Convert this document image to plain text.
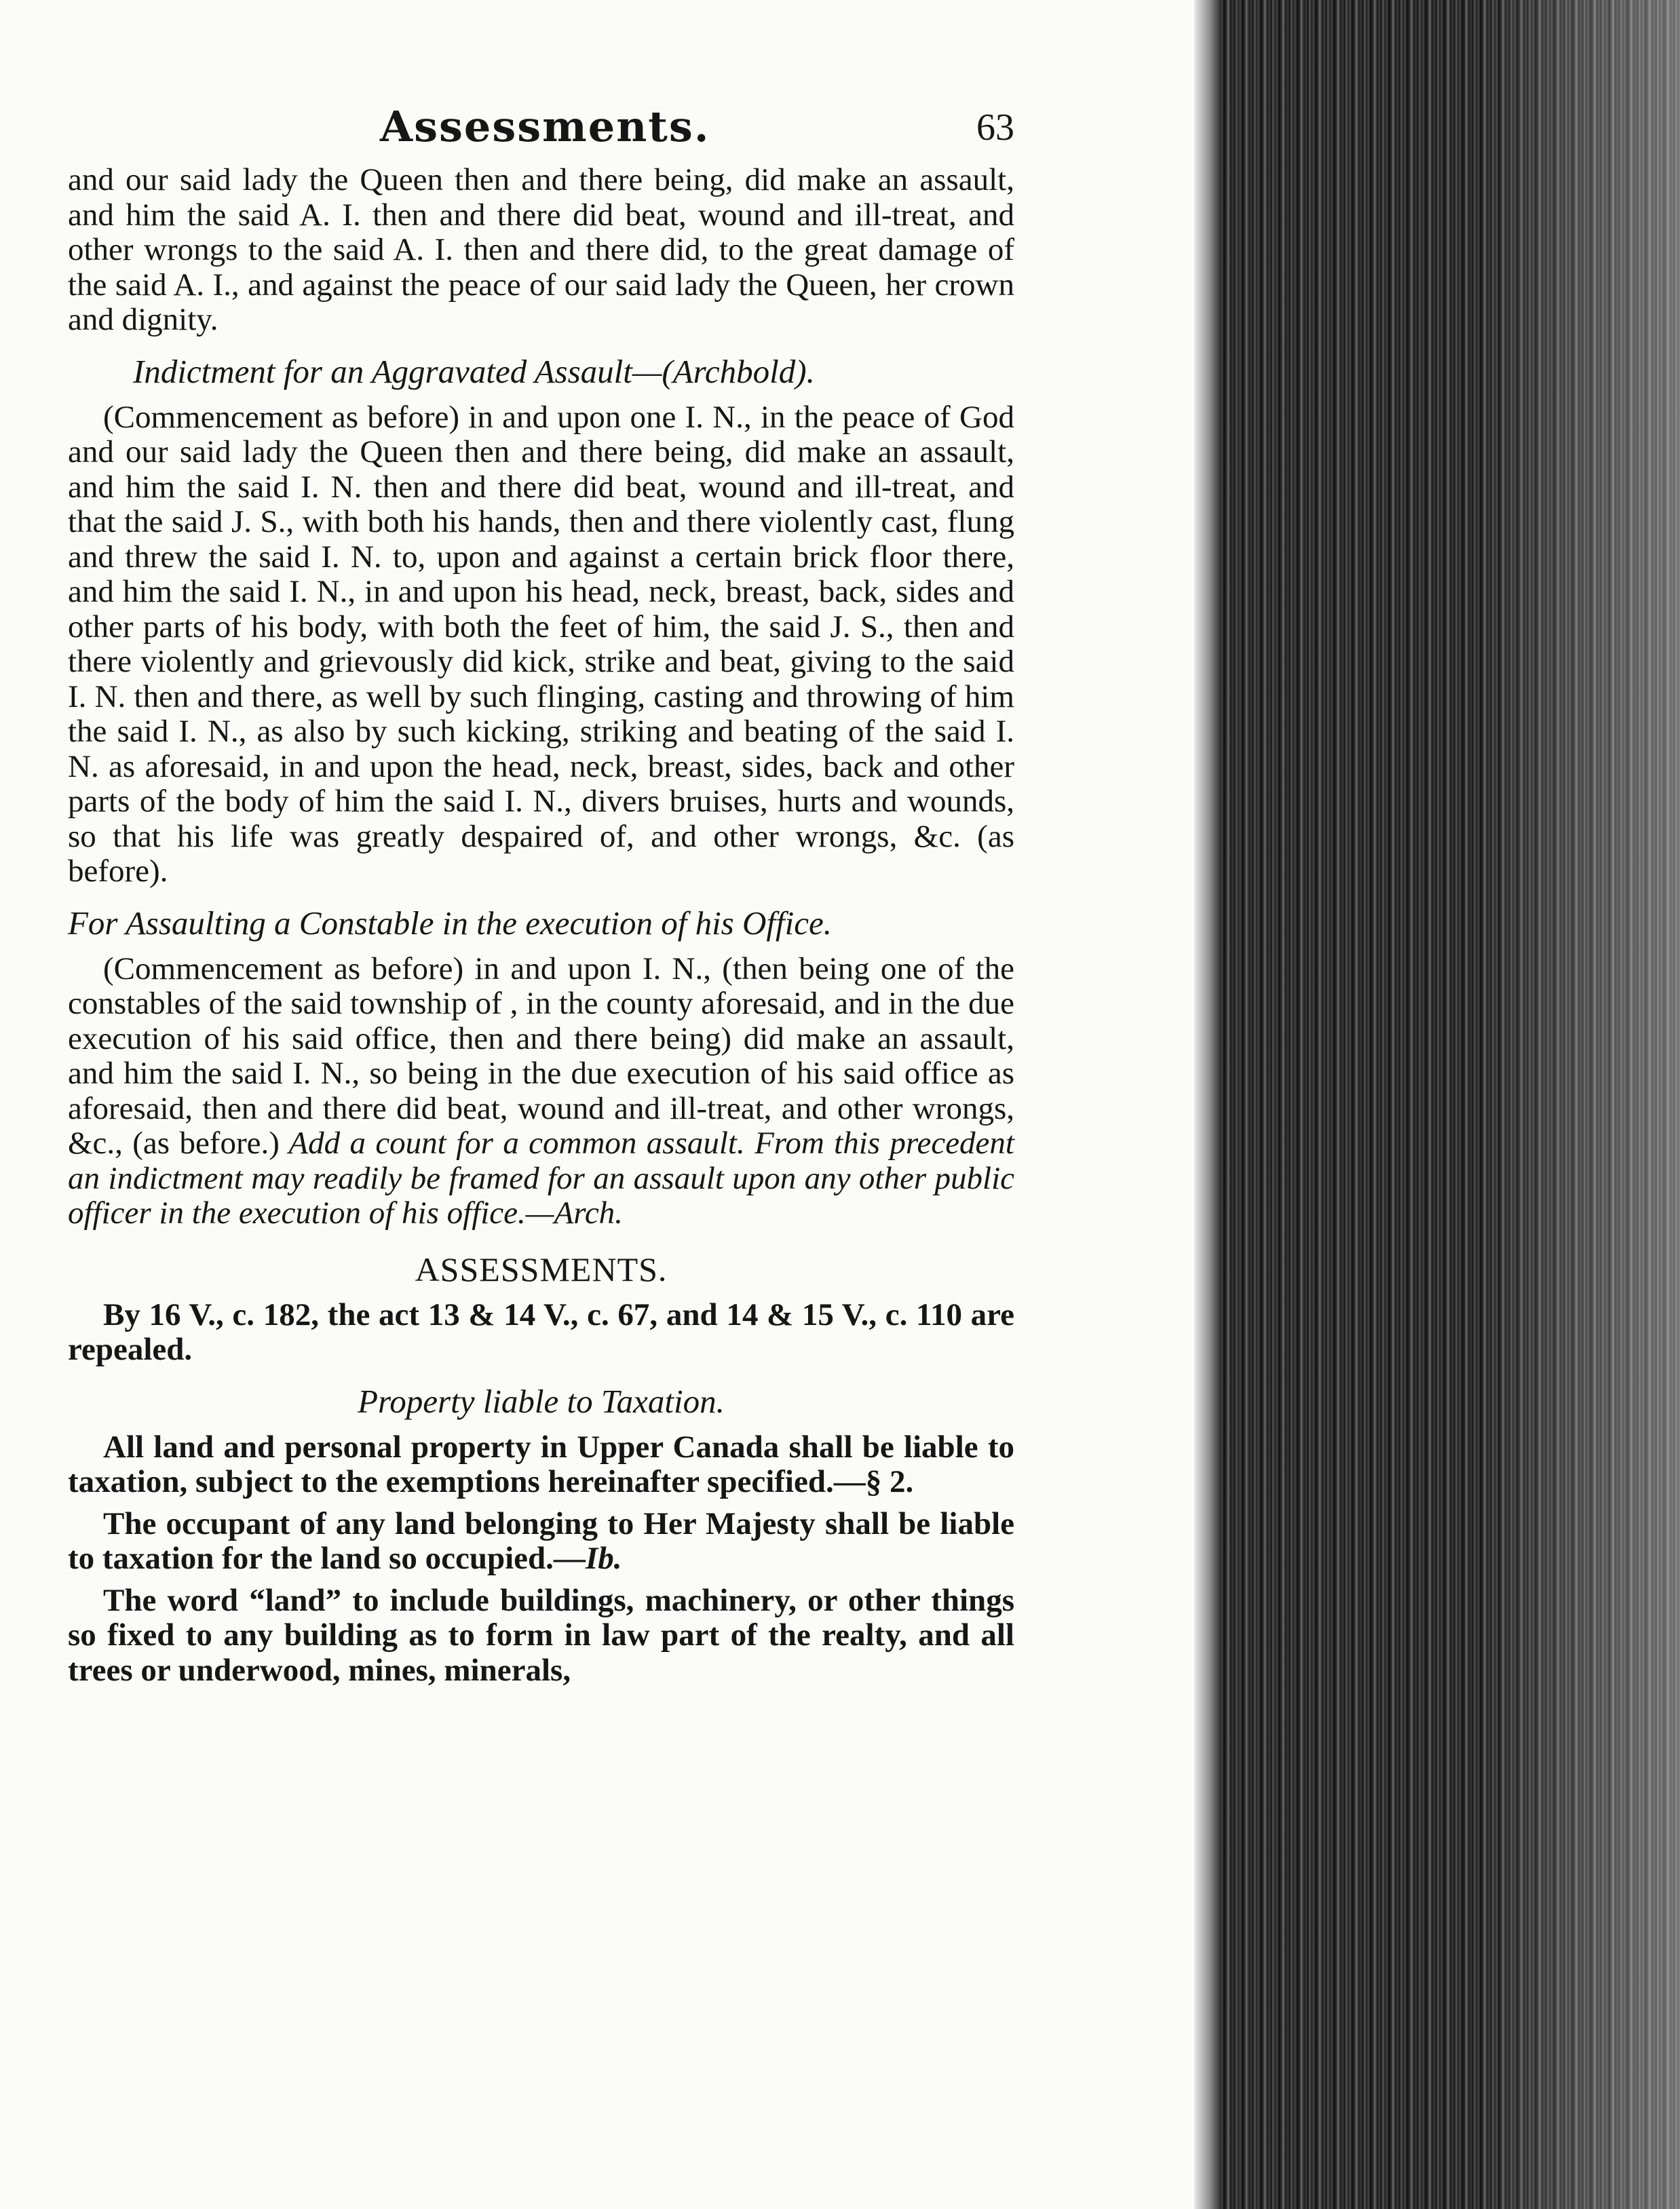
Assessments.	63

and our said lady the Queen then and there being, did make an assault, and him the said A. I. then and there did beat, wound and ill-treat, and other wrongs to the said A. I. then and there did, to the great damage of the said A. I., and against the peace of our said lady the Queen, her crown and dignity.

Indictment for an Aggravated Assault—(Archbold).

(Commencement as before) in and upon one I. N., in the peace of God and our said lady the Queen then and there being, did make an assault, and him the said I. N. then and there did beat, wound and ill-treat, and that the said J. S., with both his hands, then and there violently cast, flung and threw the said I. N. to, upon and against a certain brick floor there, and him the said I. N., in and upon his head, neck, breast, back, sides and other parts of his body, with both the feet of him, the said J. S., then and there violently and grievously did kick, strike and beat, giving to the said I. N. then and there, as well by such flinging, casting and throwing of him the said I. N., as also by such kicking, striking and beating of the said I. N. as aforesaid, in and upon the head, neck, breast, sides, back and other parts of the body of him the said I. N., divers bruises, hurts and wounds, so that his life was greatly despaired of, and other wrongs, &c. (as before).

For Assaulting a Constable in the execution of his Office.

(Commencement as before) in and upon I. N., (then being one of the constables of the said township of , in the county aforesaid, and in the due execution of his said office, then and there being) did make an assault, and him the said I. N., so being in the due execution of his said office as aforesaid, then and there did beat, wound and ill-treat, and other wrongs, &c., (as before.) Add a count for a common assault. From this precedent an indictment may readily be framed for an assault upon any other public officer in the execution of his office.—Arch.

ASSESSMENTS.

By 16 V., c. 182, the act 13 & 14 V., c. 67, and 14 & 15 V., c. 110 are repealed.

Property liable to Taxation.

All land and personal property in Upper Canada shall be liable to taxation, subject to the exemptions hereinafter specified.—§ 2.

The occupant of any land belonging to Her Majesty shall be liable to taxation for the land so occupied.—Ib.

The word “land” to include buildings, machinery, or other things so fixed to any building as to form in law part of the realty, and all trees or underwood, mines, minerals,
